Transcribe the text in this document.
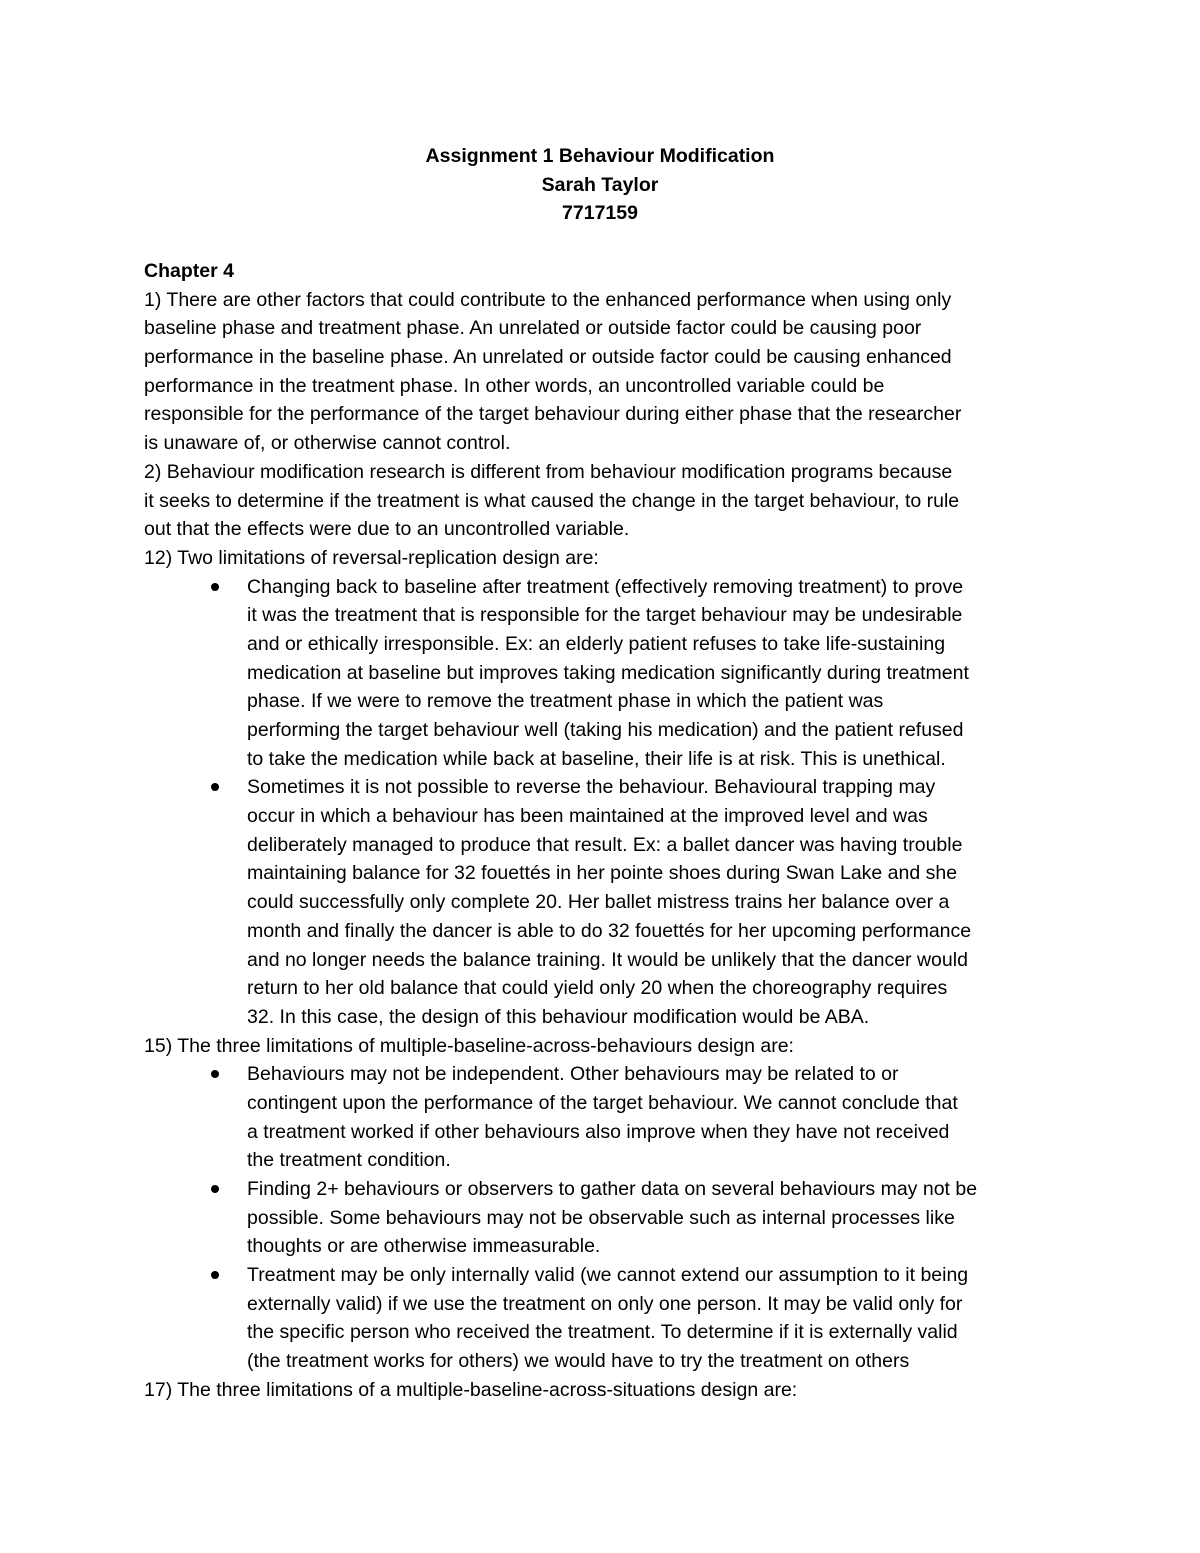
Assignment 1 Behaviour Modification
Sarah Taylor
7717159
Chapter 4
1) There are other factors that could contribute to the enhanced performance when using only
baseline phase and treatment phase. An unrelated or outside factor could be causing poor
performance in the baseline phase. An unrelated or outside factor could be causing enhanced
performance in the treatment phase. In other words, an uncontrolled variable could be
responsible for the performance of the target behaviour during either phase that the researcher
is unaware of, or otherwise cannot control.
2) Behaviour modification research is different from behaviour modification programs because
it seeks to determine if the treatment is what caused the change in the target behaviour, to rule
out that the effects were due to an uncontrolled variable.
12) Two limitations of reversal-replication design are:
Changing back to baseline after treatment (effectively removing treatment) to prove
it was the treatment that is responsible for the target behaviour may be undesirable
and or ethically irresponsible. Ex: an elderly patient refuses to take life-sustaining
medication at baseline but improves taking medication significantly during treatment
phase. If we were to remove the treatment phase in which the patient was
performing the target behaviour well (taking his medication) and the patient refused
to take the medication while back at baseline, their life is at risk. This is unethical.
Sometimes it is not possible to reverse the behaviour. Behavioural trapping may
occur in which a behaviour has been maintained at the improved level and was
deliberately managed to produce that result. Ex: a ballet dancer was having trouble
maintaining balance for 32 fouettés in her pointe shoes during Swan Lake and she
could successfully only complete 20. Her ballet mistress trains her balance over a
month and finally the dancer is able to do 32 fouettés for her upcoming performance
and no longer needs the balance training. It would be unlikely that the dancer would
return to her old balance that could yield only 20 when the choreography requires
32. In this case, the design of this behaviour modification would be ABA.
15) The three limitations of multiple-baseline-across-behaviours design are:
Behaviours may not be independent. Other behaviours may be related to or
contingent upon the performance of the target behaviour. We cannot conclude that
a treatment worked if other behaviours also improve when they have not received
the treatment condition.
Finding 2+ behaviours or observers to gather data on several behaviours may not be
possible. Some behaviours may not be observable such as internal processes like
thoughts or are otherwise immeasurable.
Treatment may be only internally valid (we cannot extend our assumption to it being
externally valid) if we use the treatment on only one person. It may be valid only for
the specific person who received the treatment. To determine if it is externally valid
(the treatment works for others) we would have to try the treatment on others
17) The three limitations of a multiple-baseline-across-situations design are:
